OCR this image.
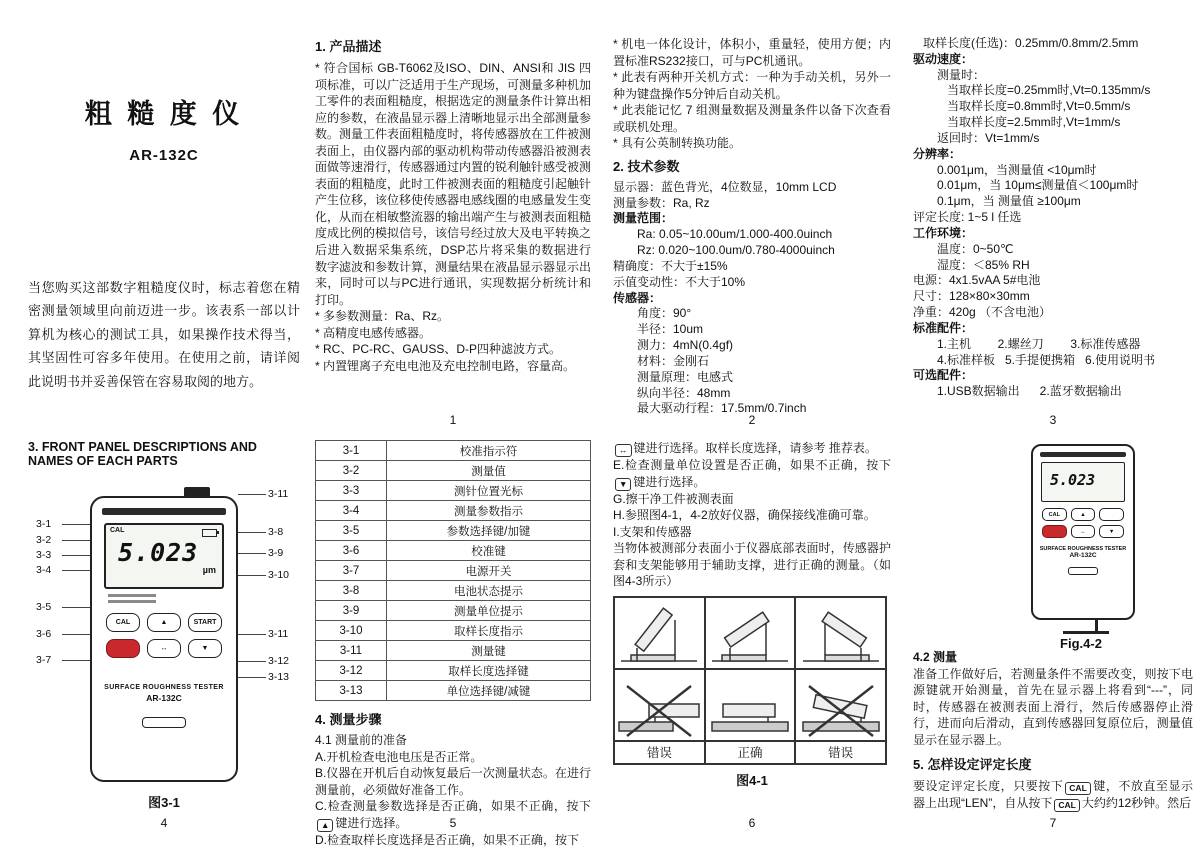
粗 糙 度 仪
AR-132C
当您购买这部数字粗糙度仪时，标志着您在精密测量领域里向前迈进一步。该表系一部以计算机为核心的测试工具，如果操作技术得当，其坚固性可容多年使用。在使用之前，请详阅此说明书并妥善保管在容易取阅的地方。
1. 产品描述
* 符合国标 GB-T6062及ISO、DIN、ANSI和 JIS 四项标准，可以广泛适用于生产现场，可测量多种机加工零件的表面粗糙度，根据选定的测量条件计算出相应的参数，在液晶显示器上清晰地显示出全部测量参数。测量工件表面粗糙度时，将传感器放在工件被测表面上，由仪器内部的驱动机构带动传感器沿被测表面做等速滑行，传感器通过内置的锐利触针感受被测表面的粗糙度，此时工件被测表面的粗糙度引起触针产生位移，该位移使传感器电感线圈的电感量发生变化，从而在相敏整流器的输出端产生与被测表面粗糙度成比例的模拟信号，该信号经过放大及电平转换之后进入数据采集系统，DSP芯片将采集的数据进行数字滤波和参数计算，测量结果在液晶显示器显示出来，同时可以与PC进行通讯，实现数据分析统计和打印。
* 多参数测量：Ra、Rz。
* 高精度电感传感器。
* RC、PC-RC、GAUSS、D-P四种滤波方式。
* 内置锂离子充电电池及充电控制电路，容量高。
1
* 机电一体化设计，体积小，重量轻，使用方便；内置标准RS232接口，可与PC机通讯。
* 此表有两种开关机方式：一种为手动关机，另外一种为键盘操作5分钟后自动关机。
* 此表能记忆 7 组测量数据及测量条件以备下次查看或联机处理。
* 具有公英制转换功能。
2. 技术参数
显示器：蓝色背光，4位数显，10mm LCD
测量参数：Ra, Rz
测量范围：
Ra: 0.05~10.00um/1.000-400.0uinch
Rz: 0.020~100.0um/0.780-4000uinch
精确度：不大于±15%
示值变动性：不大于10%
传感器：
角度：90°
半径：10um
测力：4mN(0.4gf)
材料：金刚石
测量原理：电感式
纵向半径：48mm
最大驱动行程：17.5mm/0.7inch
2
取样长度(任选)：0.25mm/0.8mm/2.5mm
驱动速度：
测量时：
当取样长度=0.25mm时,Vt=0.135mm/s
当取样长度=0.8mm时,Vt=0.5mm/s
当取样长度=2.5mm时,Vt=1mm/s
返回时：Vt=1mm/s
分辨率：
0.001μm，当测量值 <10μm时
0.01μm，当 10μm≤测量值＜100μm时
0.1μm，当 测量值 ≥100μm
评定长度: 1~5 l 任选
工作环境：
温度：0~50℃
湿度：＜85% RH
电源：4x1.5vAA 5#电池
尺寸：128×80×30mm
净重：420g （不含电池）
标准配件：
1.主机        2.螺丝刀        3.标准传感器
4.标准样板   5.手提便携箱   6.使用说明书
可选配件：
1.USB数据输出      2.蓝牙数据输出
3
3. FRONT PANEL DESCRIPTIONS AND NAMES OF EACH PARTS
CAL
5.023
µm
CAL	▲	START
↔	▼
SURFACE ROUGHNESS TESTER
AR-132C
3-1
3-2
3-3
3-4
3-5
3-6
3-7
3-11
3-8
3-9
3-10
3-11
3-12
3-13
图3-1
4
3-1	校准指示符
3-2	测量值
3-3	测针位置光标
3-4	测量参数指示
3-5	参数选择键/加键
3-6	校准键
3-7	电源开关
3-8	电池状态提示
3-9	测量单位提示
3-10	取样长度指示
3-11	测量键
3-12	取样长度选择键
3-13	单位选择键/减键
4. 测量步骤
4.1 测量前的准备
A.开机检查电池电压是否正常。
B.仪器在开机后自动恢复最后一次测量状态。在进行测量前，必须做好准备工作。
C.检查测量参数选择是否正确，如果不正确，按下▲ 键进行选择。
D.检查取样长度选择是否正确，如果不正确，按下
5
↔ 键进行选择。取样长度选择，请参考 推荐表。
E.检查测量单位设置是否正确，如果不正确，按下▼ 键进行选择。
G.擦干净工件被测表面
H.参照图4-1，4-2放好仪器，确保接线准确可靠。
I.支架和传感器
当物体被测部分表面小于仪器底部表面时，传感器护套和支架能够用于辅助支撑，进行正确的测量。（如图4-3所示）
错误	正确	错误
图4-1
6
5.023
CAL	▲
↔	▼
SURFACE ROUGHNESS TESTER
AR-132C
Fig.4-2
4.2 测量
准备工作做好后，若测量条件不需要改变，则按下电源键就开始测量，首先在显示器上将看到“---”，同时，传感器在被测表面上滑行，然后传感器停止滑行，进而向后滑动，直到传感器回复原位后，测量值显示在显示器上。
5. 怎样设定评定长度
要设定评定长度，只要按下 CAL 键，不放直至显示器上出现“LEN”，自从按下 CAL 大约约12秒钟。然后
7
